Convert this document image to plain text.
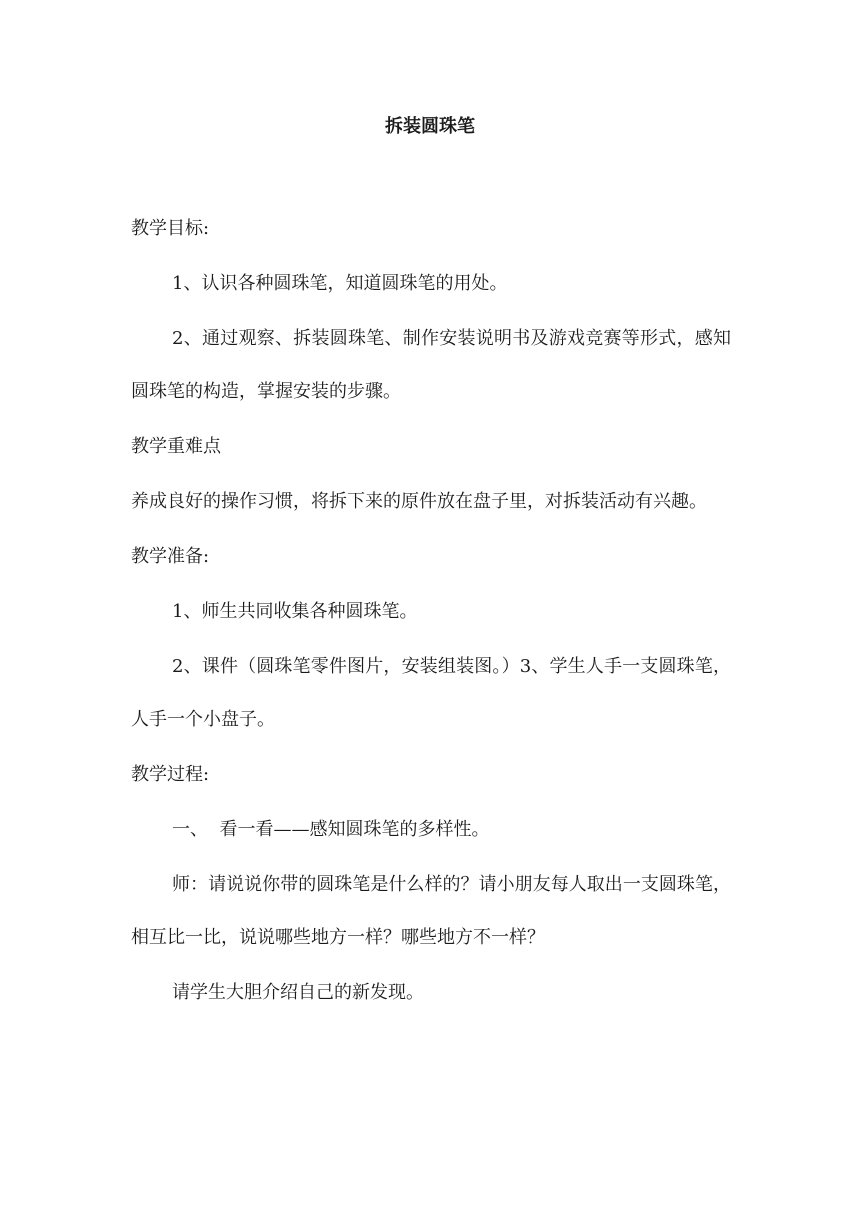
拆装圆珠笔

教学目标:

1、认识各种圆珠笔，知道圆珠笔的用处。

2、通过观察、拆装圆珠笔、制作安装说明书及游戏竞赛等形式，感知圆珠笔的构造，掌握安装的步骤。

教学重难点

养成良好的操作习惯，将拆下来的原件放在盘子里，对拆装活动有兴趣。

教学准备:

1、师生共同收集各种圆珠笔。

2、课件（圆珠笔零件图片，安装组装图。）3、学生人手一支圆珠笔，人手一个小盘子。

教学过程:

一、  看一看——感知圆珠笔的多样性。

师：请说说你带的圆珠笔是什么样的？请小朋友每人取出一支圆珠笔，相互比一比，说说哪些地方一样？哪些地方不一样？

请学生大胆介绍自己的新发现。
